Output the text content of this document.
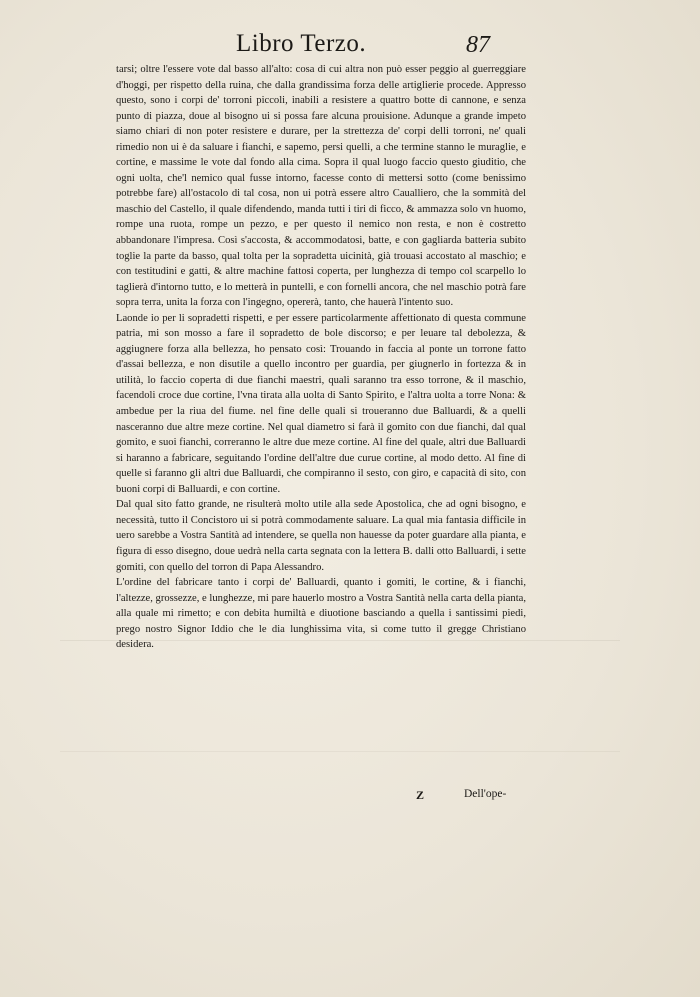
Libro Terzo.	87

tarsi; oltre l'essere vote dal basso all'alto: cosa di cui altra non può esser peggio al guerreggiare d'hoggi, per rispetto della ruina, che dalla grandissima forza delle artiglierie procede. Appresso questo, sono i corpi de' torroni piccoli, inabili a resistere a quattro botte di cannone, e senza punto di piazza, doue al bisogno ui si possa fare alcuna prouisione. Adunque a grande impeto siamo chiari di non poter resistere e durare, per la strettezza de' corpi delli torroni, ne' quali rimedio non ui è da saluare i fianchi, e sapemo, persi quelli, a che termine stanno le muraglie, e cortine, e massime le vote dal fondo alla cima. Sopra il qual luogo faccio questo giuditio, che ogni uolta, che'l nemico qual fusse intorno, facesse conto di mettersi sotto (come benissimo potrebbe fare) all'ostacolo di tal cosa, non ui potrà essere altro Caualliero, che la sommità del maschio del Castello, il quale difendendo, manda tutti i tiri di ficco, & ammazza solo vn huomo, rompe una ruota, rompe un pezzo, e per questo il nemico non resta, e non è costretto abbandonare l'impresa. Così s'accosta, & accommodatosi, batte, e con gagliarda batteria subito toglie la parte da basso, qual tolta per la sopradetta uicinità, già trouasi accostato al maschio; e con testitudini e gatti, & altre machine fattosi coperta, per lunghezza di tempo col scarpello lo taglierà d'intorno tutto, e lo metterà in puntelli, e con fornelli ancora, che nel maschio potrà fare sopra terra, unita la forza con l'ingegno, opererà, tanto, che hauerà l'intento suo.

Laonde io per li sopradetti rispetti, e per essere particolarmente affettionato di questa commune patria, mi son mosso a fare il sopradetto de bole discorso; e per leuare tal debolezza, & aggiugnere forza alla bellezza, ho pensato così: Trouando in faccia al ponte un torrone fatto d'assai bellezza, e non disutile a quello incontro per guardia, per giugnerlo in fortezza & in utilità, lo faccio coperta di due fianchi maestri, quali saranno tra esso torrone, & il maschio, facendoli croce due cortine, l'vna tirata alla uolta di Santo Spirito, e l'altra uolta a torre Nona: & ambedue per la riua del fiume. nel fine delle quali si troueranno due Balluardi, & a quelli nasceranno due altre meze cortine. Nel qual diametro si farà il gomito con due fianchi, dal qual gomito, e suoi fianchi, correranno le altre due meze cortine. Al fine del quale, altri due Balluardi si haranno a fabricare, seguitando l'ordine dell'altre due curue cortine, al modo detto. Al fine di quelle si faranno gli altri due Balluardi, che compiranno il sesto, con giro, e capacità di sito, con buoni corpi di Balluardi, e con cortine.

Dal qual sito fatto grande, ne risulterà molto utile alla sede Apostolica, che ad ogni bisogno, e necessità, tutto il Concistoro ui si potrà commodamente saluare. La qual mia fantasia difficile in uero sarebbe a Vostra Santità ad intendere, se quella non hauesse da poter guardare alla pianta, e figura di esso disegno, doue uedrà nella carta segnata con la lettera B. dalli otto Balluardi, i sette gomiti, con quello del torron di Papa Alessandro.

L'ordine del fabricare tanto i corpi de' Balluardi, quanto i gomiti, le cortine, & i fianchi, l'altezze, grossezze, e lunghezze, mi pare hauerlo mostro a Vostra Santità nella carta della pianta, alla quale mi rimetto; e con debita humiltà e diuotione basciando a quella i santissimi piedi, prego nostro Signor Iddio che le dia lunghissima vita, sì come tutto il gregge Christiano desidera.

Z	Dell'ope-
